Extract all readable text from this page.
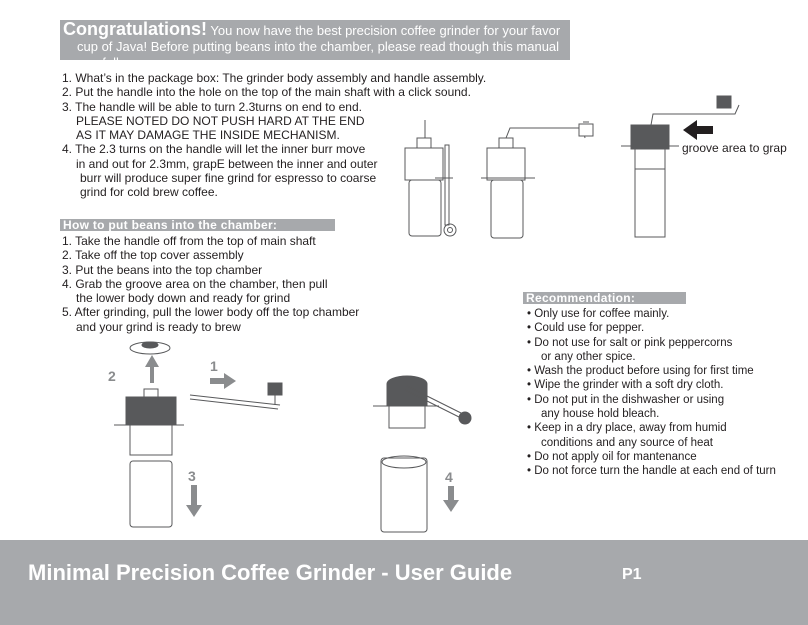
Congratulations! You now have the best precision coffee grinder for your favor
cup of Java! Before putting beans into the chamber, please read though this manual carefully:
1. What’s in the package box: The grinder body assembly and handle assembly.
2. Put the handle into the hole on the top of the main shaft with a click sound.
3. The handle will be able to turn 2.3turns on end to end.
PLEASE NOTED DO NOT PUSH HARD AT THE END
AS IT MAY DAMAGE THE INSIDE MECHANISM.
4. The 2.3 turns on the handle will let the inner burr move
in and out for 2.3mm, grapE between the inner and outer
burr will produce super fine grind for espresso to coarse
grind for cold brew coffee.
How to put beans into the chamber:
1. Take the handle off from the top of main shaft
2. Take off the top cover assembly
3. Put the beans into the top chamber
4. Grab the groove area on the chamber, then pull
the lower body down and ready for grind
5. After grinding, pull the lower body off the top chamber
and your grind is ready to brew
groove area to grap
Recommendation:
• Only use for coffee mainly.
• Could use for pepper.
• Do not use for salt or pink peppercorns
or any other spice.
• Wash the product before using for first time
• Wipe the grinder with a soft dry cloth.
• Do not put in the dishwasher or using
any house hold bleach.
• Keep in a dry place, away from humid
conditions and any source of heat
• Do not apply oil for mantenance
• Do not force turn the handle at each end of turn
2
1
3	4
Minimal Precision Coffee Grinder - User Guide	P1
